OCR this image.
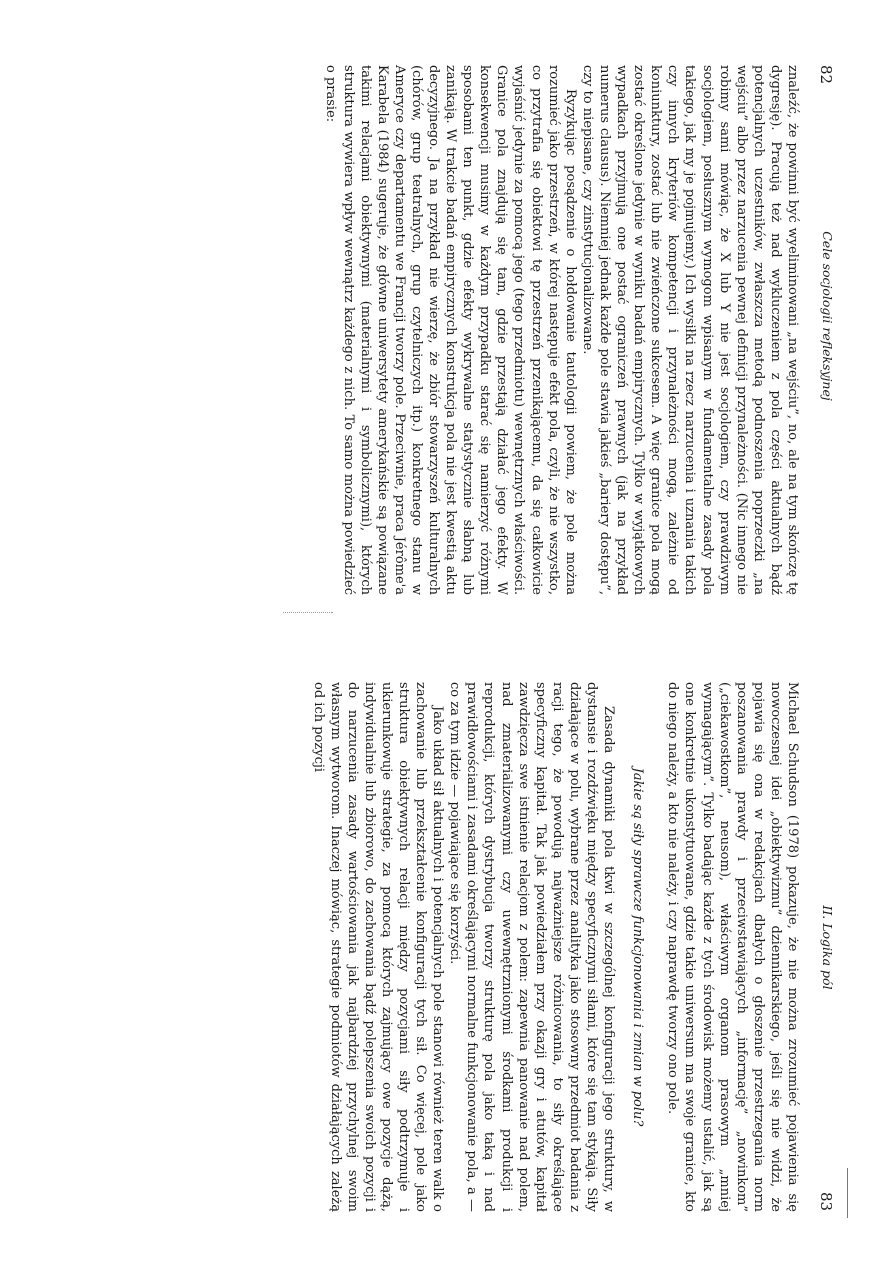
82
Cele socjologii refleksyjnej

znaleźć, że powinni być wyeliminowani „na wejściu”, no, ale na tym skończę tę dygresję). Pracują też nad wykluczeniem z pola części aktualnych bądź potencjalnych uczestników, zwłaszcza metodą podnoszenia poprzeczki „na wejściu” albo przez narzucenia pewnej definicji przynależności. (Nic innego nie robimy sami mówiąc, że X lub Y nie jest socjologiem, czy prawdziwym socjologiem, posłusznym wymogom wpisanym w fundamentalne zasady pola takiego, jak my je pojmujemy.) Ich wysiłki na rzecz narzucenia i uznania takich czy innych kryteriów kompetencji i przynależności mogą, zależnie od koniunktury, zostać lub nie zwieńczone sukcesem. A więc granice pola mogą zostać określone jedynie w wyniku badań empirycznych. Tylko w wyjątkowych wypadkach przyjmują one postać ograniczeń prawnych (jak na przykład numerus clausus). Niemniej jednak każde pole stawia jakieś „bariery dostępu”, czy to niepisane, czy zinstytucjonalizowane.

Ryzykując posądzenie o hołdowanie tautologii powiem, że pole można rozumieć jako przestrzeń, w której następuje efekt pola, czyli, że nie wszystko, co przytrafia się obiektowi tę przestrzeń przenikającemu, da się całkowicie wyjaśnić jedynie za pomocą jego (tego przedmiotu) wewnętrznych właściwości. Granice pola znajdują się tam, gdzie przestają działać jego efekty. W konsekwencji musimy w każdym przypadku starać się namierzyć różnymi sposobami ten punkt, gdzie efekty wykrywalne statystycznie słabną lub zanikają. W trakcie badań empirycznych konstrukcja pola nie jest kwestią aktu decyzyjnego. Ja na przykład nie wierzę, że zbiór stowarzyszeń kulturalnych (chórów, grup teatralnych, grup czytelniczych itp.) konkretnego stanu w Ameryce czy departamentu we Francji tworzy pole. Przeciwnie, praca Jérôme'a Karabela (1984) sugeruje, że główne uniwersytety amerykańskie są powiązane takimi relacjami obiektywnymi (materialnymi i symbolicznymi), których struktura wywiera wpływ wewnątrz każdego z nich. To samo można powiedzieć o prasie:

II. Logika pól
83

Michael Schudson (1978) pokazuje, że nie można zrozumieć pojawienia się nowoczesnej idei „obiektywizmu” dziennikarskiego, jeśli się nie widzi, że pojawia się ona w redakcjach dbałych o głoszenie przestrzegania norm poszanowania prawdy i przeciwstawiających „informację” „nowinkom” („ciekawostkom”, neusom), właściwym organom prasowym „mniej wymagającym”. Tylko badając każde z tych środowisk możemy ustalić, jak są one konkretnie ukonstytuowane, gdzie takie uniwersum ma swoje granice, kto do niego należy, a kto nie należy, i czy naprawdę tworzy ono pole.

Jakie są siły sprawcze funkcjonowania i zmian w polu?

Zasada dynamiki pola tkwi w szczególnej konfiguracji jego struktury, w dystansie i rozdźwięku między specyficznymi siłami, które się tam stykają. Siły działające w polu, wybrane przez analityka jako stosowny przedmiot badania z racji tego, że powodują najważniejsze różnicowania, to siły określające specyficzny kapitał. Tak jak powiedziałem przy okazji gry i atutów, kapitał zawdzięcza swe istnienie relacjom z polem: zapewnia panowanie nad polem, nad zmaterializowanymi czy uwewnętrznionymi środkami produkcji i reprodukcji, których dystrybucja tworzy strukturę pola jako taką i nad prawidłowościami i zasadami określającymi normalne funkcjonowanie pola, a — co za tym idzie — pojawiające się korzyści.

Jako układ sił aktualnych i potencjalnych pole stanowi również teren walk o zachowanie lub przekształcenie konfiguracji tych sił. Co więcej, pole jako struktura obiektywnych relacji między pozycjami siły podtrzymuje i ukierunkowuje strategie, za pomocą których zajmujący owe pozycje dążą, indywidualnie lub zbiorowo, do zachowania bądź polepszenia swoich pozycji i do narzucenia zasady wartościowania jak najbardziej przychylnej swoim własnym wytworom. Inaczej mówiąc, strategie podmiotów działających zależą od ich pozycji
